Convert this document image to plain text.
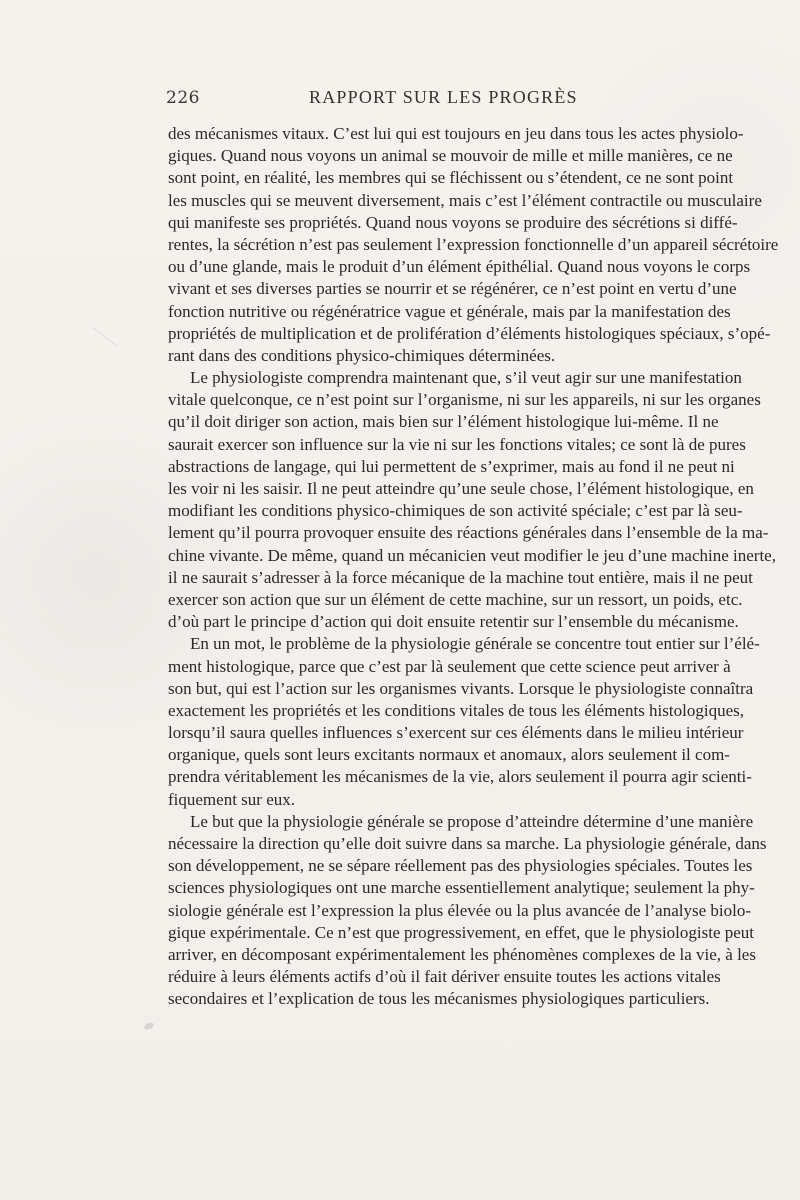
226	RAPPORT SUR LES PROGRÈS
des mécanismes vitaux. C’est lui qui est toujours en jeu dans tous les actes physiolo-
giques. Quand nous voyons un animal se mouvoir de mille et mille manières, ce ne
sont point, en réalité, les membres qui se fléchissent ou s’étendent, ce ne sont point
les muscles qui se meuvent diversement, mais c’est l’élément contractile ou musculaire
qui manifeste ses propriétés. Quand nous voyons se produire des sécrétions si diffé-
rentes, la sécrétion n’est pas seulement l’expression fonctionnelle d’un appareil sécrétoire
ou d’une glande, mais le produit d’un élément épithélial. Quand nous voyons le corps
vivant et ses diverses parties se nourrir et se régénérer, ce n’est point en vertu d’une
fonction nutritive ou régénératrice vague et générale, mais par la manifestation des
propriétés de multiplication et de prolifération d’éléments histologiques spéciaux, s’opé-
rant dans des conditions physico-chimiques déterminées.
Le physiologiste comprendra maintenant que, s’il veut agir sur une manifestation
vitale quelconque, ce n’est point sur l’organisme, ni sur les appareils, ni sur les organes
qu’il doit diriger son action, mais bien sur l’élément histologique lui-même. Il ne
saurait exercer son influence sur la vie ni sur les fonctions vitales; ce sont là de pures
abstractions de langage, qui lui permettent de s’exprimer, mais au fond il ne peut ni
les voir ni les saisir. Il ne peut atteindre qu’une seule chose, l’élément histologique, en
modifiant les conditions physico-chimiques de son activité spéciale; c’est par là seu-
lement qu’il pourra provoquer ensuite des réactions générales dans l’ensemble de la ma-
chine vivante. De même, quand un mécanicien veut modifier le jeu d’une machine inerte,
il ne saurait s’adresser à la force mécanique de la machine tout entière, mais il ne peut
exercer son action que sur un élément de cette machine, sur un ressort, un poids, etc.
d’où part le principe d’action qui doit ensuite retentir sur l’ensemble du mécanisme.
En un mot, le problème de la physiologie générale se concentre tout entier sur l’élé-
ment histologique, parce que c’est par là seulement que cette science peut arriver à
son but, qui est l’action sur les organismes vivants. Lorsque le physiologiste connaîtra
exactement les propriétés et les conditions vitales de tous les éléments histologiques,
lorsqu’il saura quelles influences s’exercent sur ces éléments dans le milieu intérieur
organique, quels sont leurs excitants normaux et anomaux, alors seulement il com-
prendra véritablement les mécanismes de la vie, alors seulement il pourra agir scienti-
fiquement sur eux.
Le but que la physiologie générale se propose d’atteindre détermine d’une manière
nécessaire la direction qu’elle doit suivre dans sa marche. La physiologie générale, dans
son développement, ne se sépare réellement pas des physiologies spéciales. Toutes les
sciences physiologiques ont une marche essentiellement analytique; seulement la phy-
siologie générale est l’expression la plus élevée ou la plus avancée de l’analyse biolo-
gique expérimentale. Ce n’est que progressivement, en effet, que le physiologiste peut
arriver, en décomposant expérimentalement les phénomènes complexes de la vie, à les
réduire à leurs éléments actifs d’où il fait dériver ensuite toutes les actions vitales
secondaires et l’explication de tous les mécanismes physiologiques particuliers.
